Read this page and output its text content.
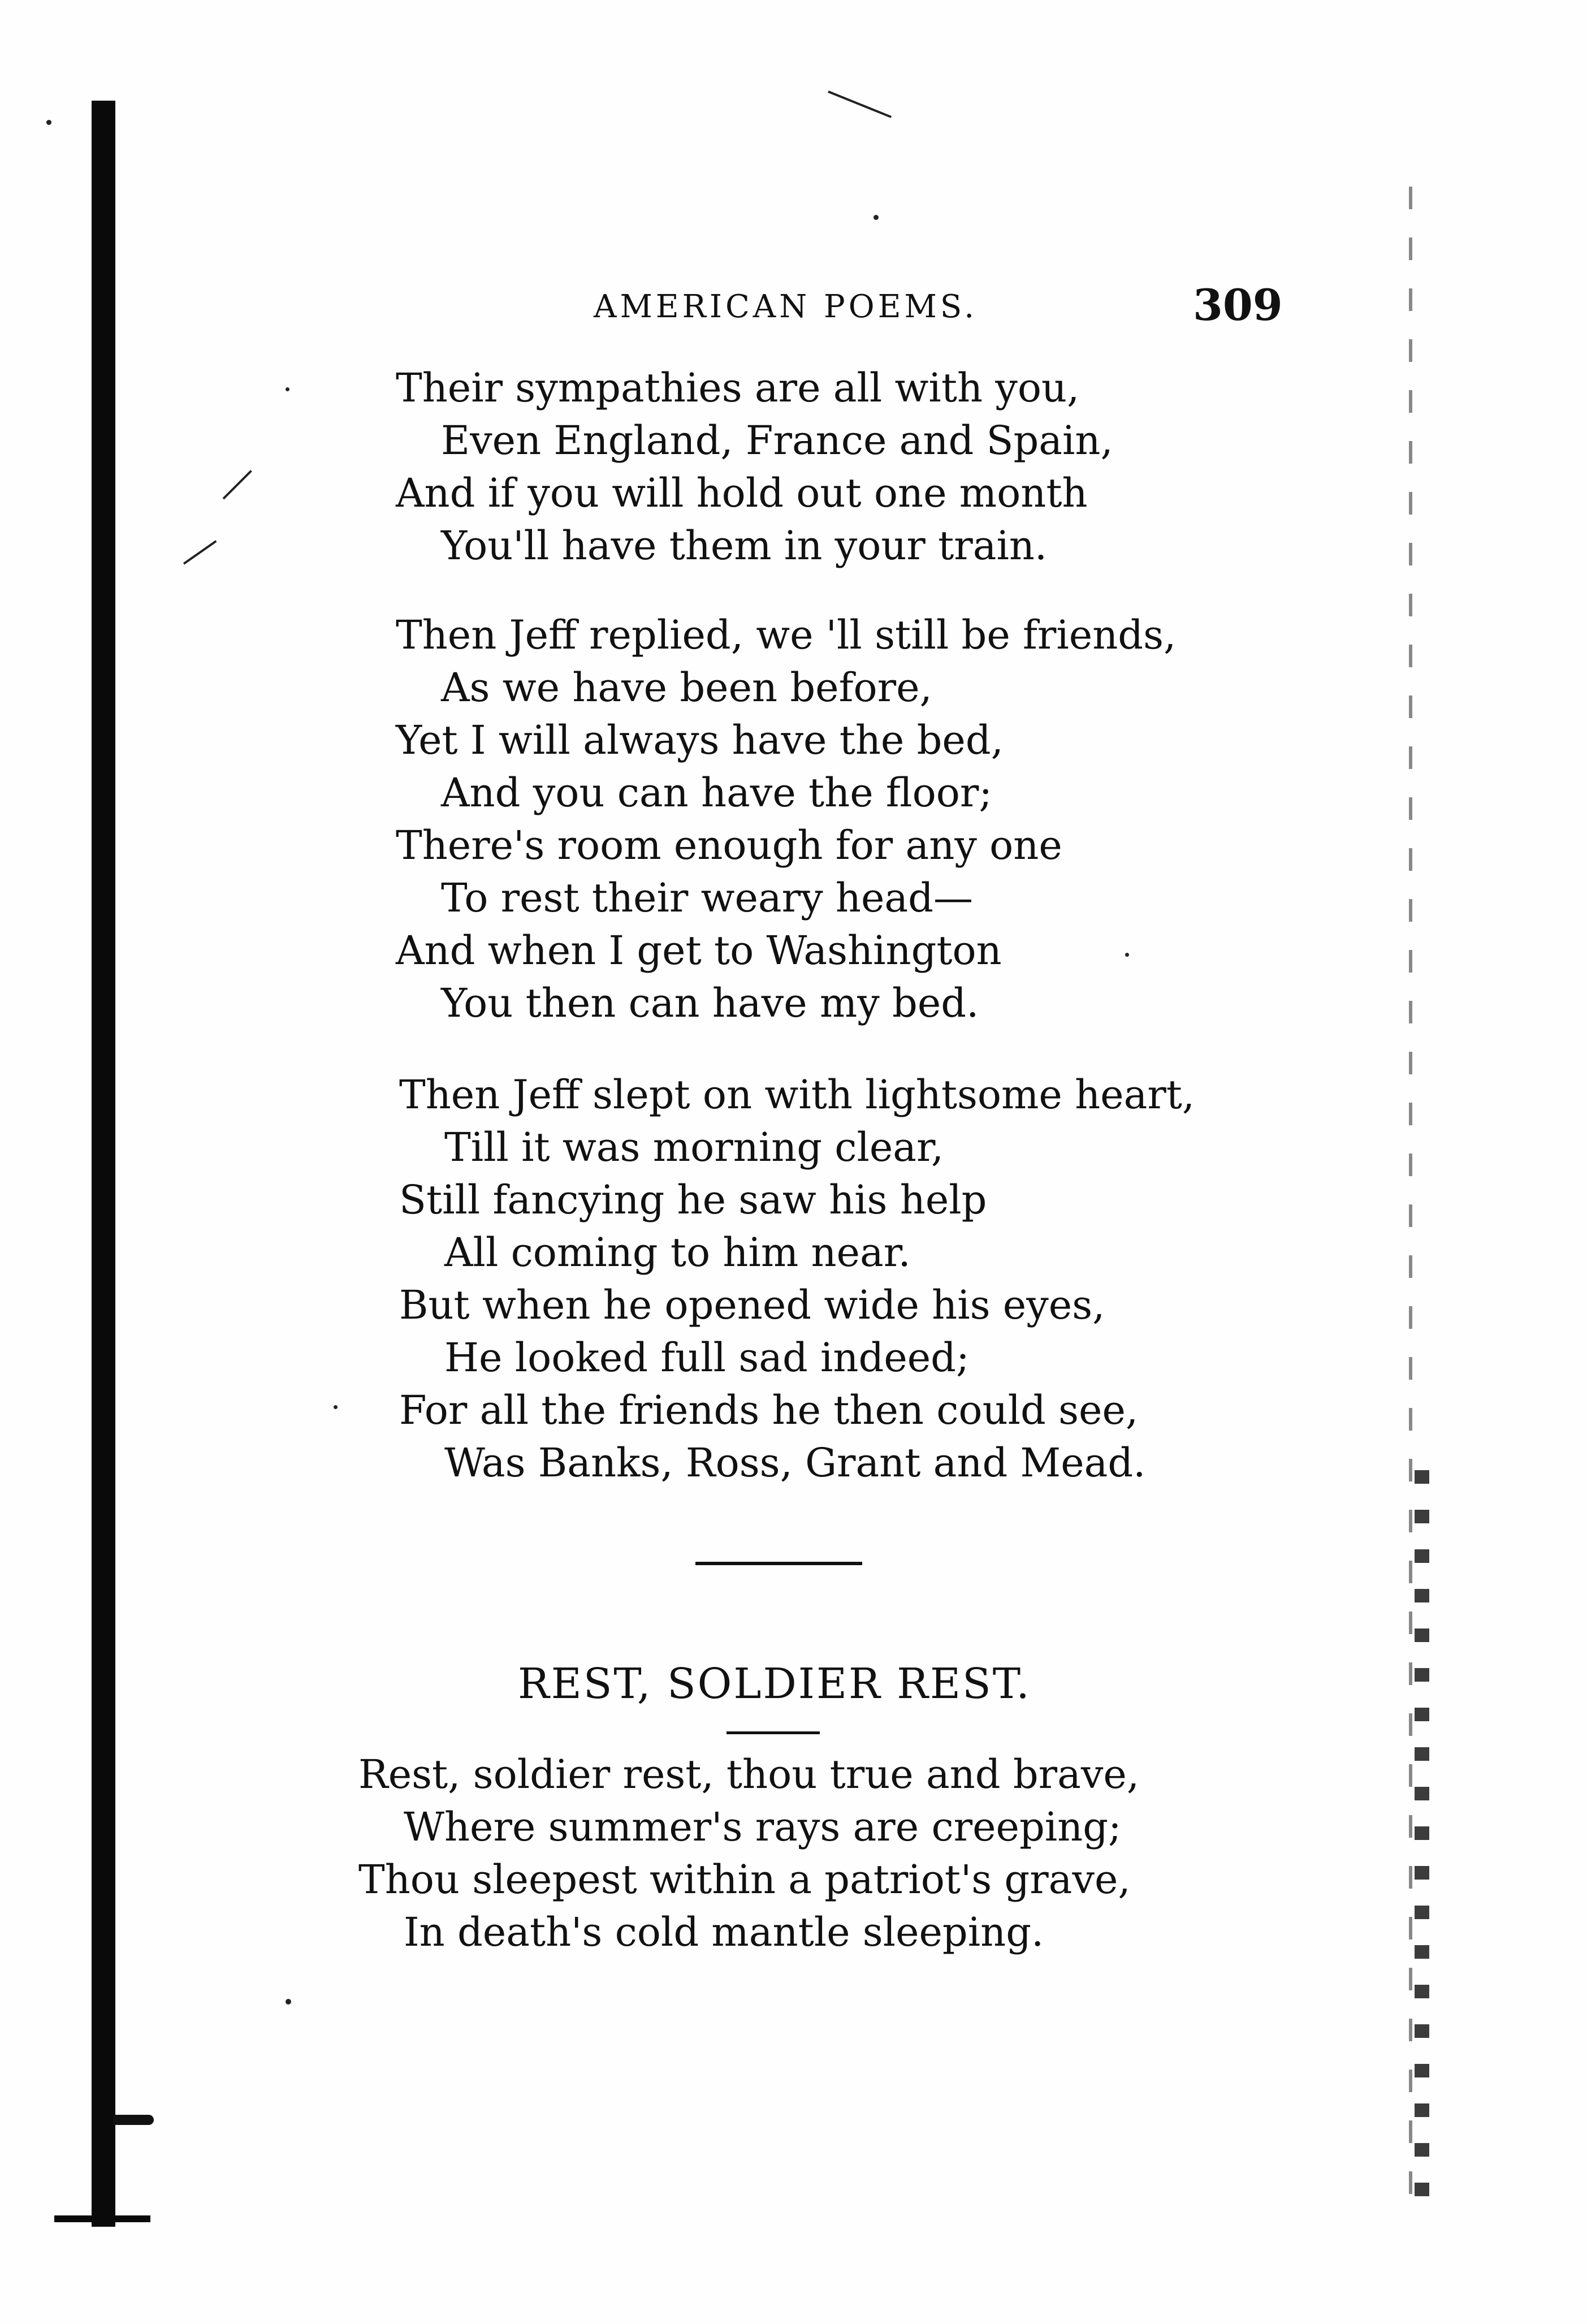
AMERICAN POEMS.	309
Their sympathies are all with you,
Even England, France and Spain,
And if you will hold out one month
You'll have them in your train.
Then Jeff replied, we 'll still be friends,
As we have been before,
Yet I will always have the bed,
And you can have the floor;
There's room enough for any one
To rest their weary head—
And when I get to Washington
You then can have my bed.
Then Jeff slept on with lightsome heart,
Till it was morning clear,
Still fancying he saw his help
All coming to him near.
But when he opened wide his eyes,
He looked full sad indeed;
For all the friends he then could see,
Was Banks, Ross, Grant and Mead.
REST, SOLDIER REST.
Rest, soldier rest, thou true and brave,
Where summer's rays are creeping;
Thou sleepest within a patriot's grave,
In death's cold mantle sleeping.
